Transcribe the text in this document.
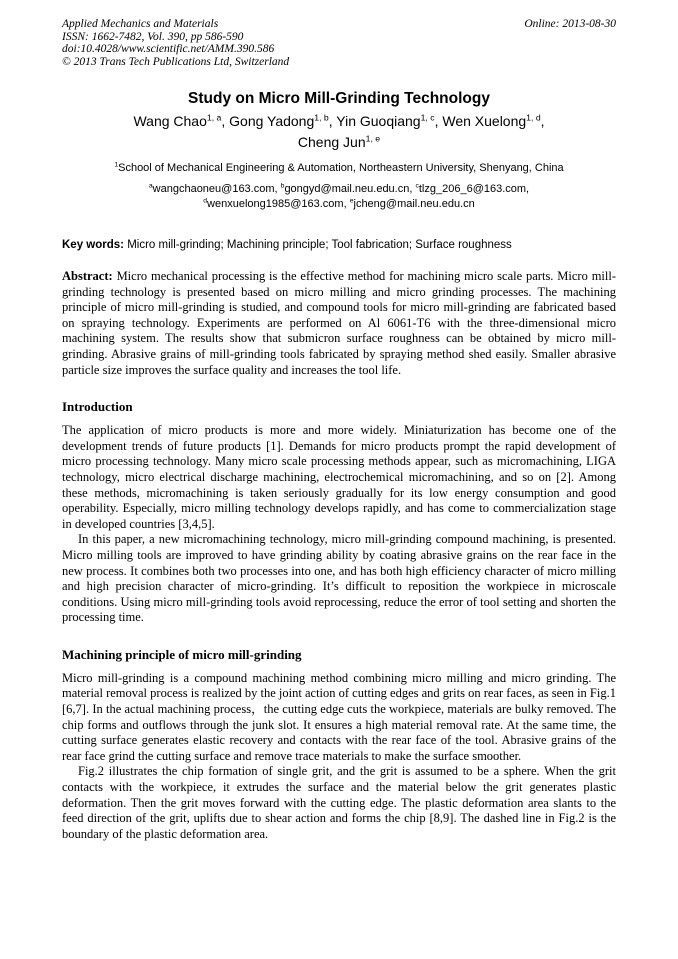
Applied Mechanics and Materials
ISSN: 1662-7482, Vol. 390, pp 586-590
doi:10.4028/www.scientific.net/AMM.390.586
© 2013 Trans Tech Publications Ltd, Switzerland
Online: 2013-08-30
Study on Micro Mill-Grinding Technology
Wang Chao$^{1, a}$, Gong Yadong$^{1, b}$, Yin Guoqiang$^{1, c}$, Wen Xuelong$^{1, d}$,
Cheng Jun$^{1, e}$
$^1$School of Mechanical Engineering & Automation, Northeastern University, Shenyang, China
$^a$wangchaoneu@163.com, $^b$gongyd@mail.neu.edu.cn, $^c$tlzg_206_6@163.com,
$^d$wenxuelong1985@163.com, $^e$jcheng@mail.neu.edu.cn
Key words: Micro mill-grinding; Machining principle; Tool fabrication; Surface roughness

Abstract: Micro mechanical processing is the effective method for machining micro scale parts. Micro mill-grinding technology is presented based on micro milling and micro grinding processes. The machining principle of micro mill-grinding is studied, and compound tools for micro mill-grinding are fabricated based on spraying technology. Experiments are performed on Al 6061-T6 with the three-dimensional micro machining system. The results show that submicron surface roughness can be obtained by micro mill-grinding. Abrasive grains of mill-grinding tools fabricated by spraying method shed easily. Smaller abrasive particle size improves the surface quality and increases the tool life.

Introduction

The application of micro products is more and more widely. Miniaturization has become one of the development trends of future products [1]. Demands for micro products prompt the rapid development of micro processing technology. Many micro scale processing methods appear, such as micromachining, LIGA technology, micro electrical discharge machining, electrochemical micromachining, and so on [2]. Among these methods, micromachining is taken seriously gradually for its low energy consumption and good operability. Especially, micro milling technology develops rapidly, and has come to commercialization stage in developed countries [3,4,5].

In this paper, a new micromachining technology, micro mill-grinding compound machining, is presented. Micro milling tools are improved to have grinding ability by coating abrasive grains on the rear face in the new process. It combines both two processes into one, and has both high efficiency character of micro milling and high precision character of micro-grinding. It’s difficult to reposition the workpiece in microscale conditions. Using micro mill-grinding tools avoid reprocessing, reduce the error of tool setting and shorten the processing time.

Machining principle of micro mill-grinding

Micro mill-grinding is a compound machining method combining micro milling and micro grinding. The material removal process is realized by the joint action of cutting edges and grits on rear faces, as seen in Fig.1 [6,7]. In the actual machining process，the cutting edge cuts the workpiece, materials are bulky removed. The chip forms and outflows through the junk slot. It ensures a high material removal rate. At the same time, the cutting surface generates elastic recovery and contacts with the rear face of the tool. Abrasive grains of the rear face grind the cutting surface and remove trace materials to make the surface smoother.

Fig.2 illustrates the chip formation of single grit, and the grit is assumed to be a sphere. When the grit contacts with the workpiece, it extrudes the surface and the material below the grit generates plastic deformation. Then the grit moves forward with the cutting edge. The plastic deformation area slants to the feed direction of the grit, uplifts due to shear action and forms the chip [8,9]. The dashed line in Fig.2 is the boundary of the plastic deformation area.
